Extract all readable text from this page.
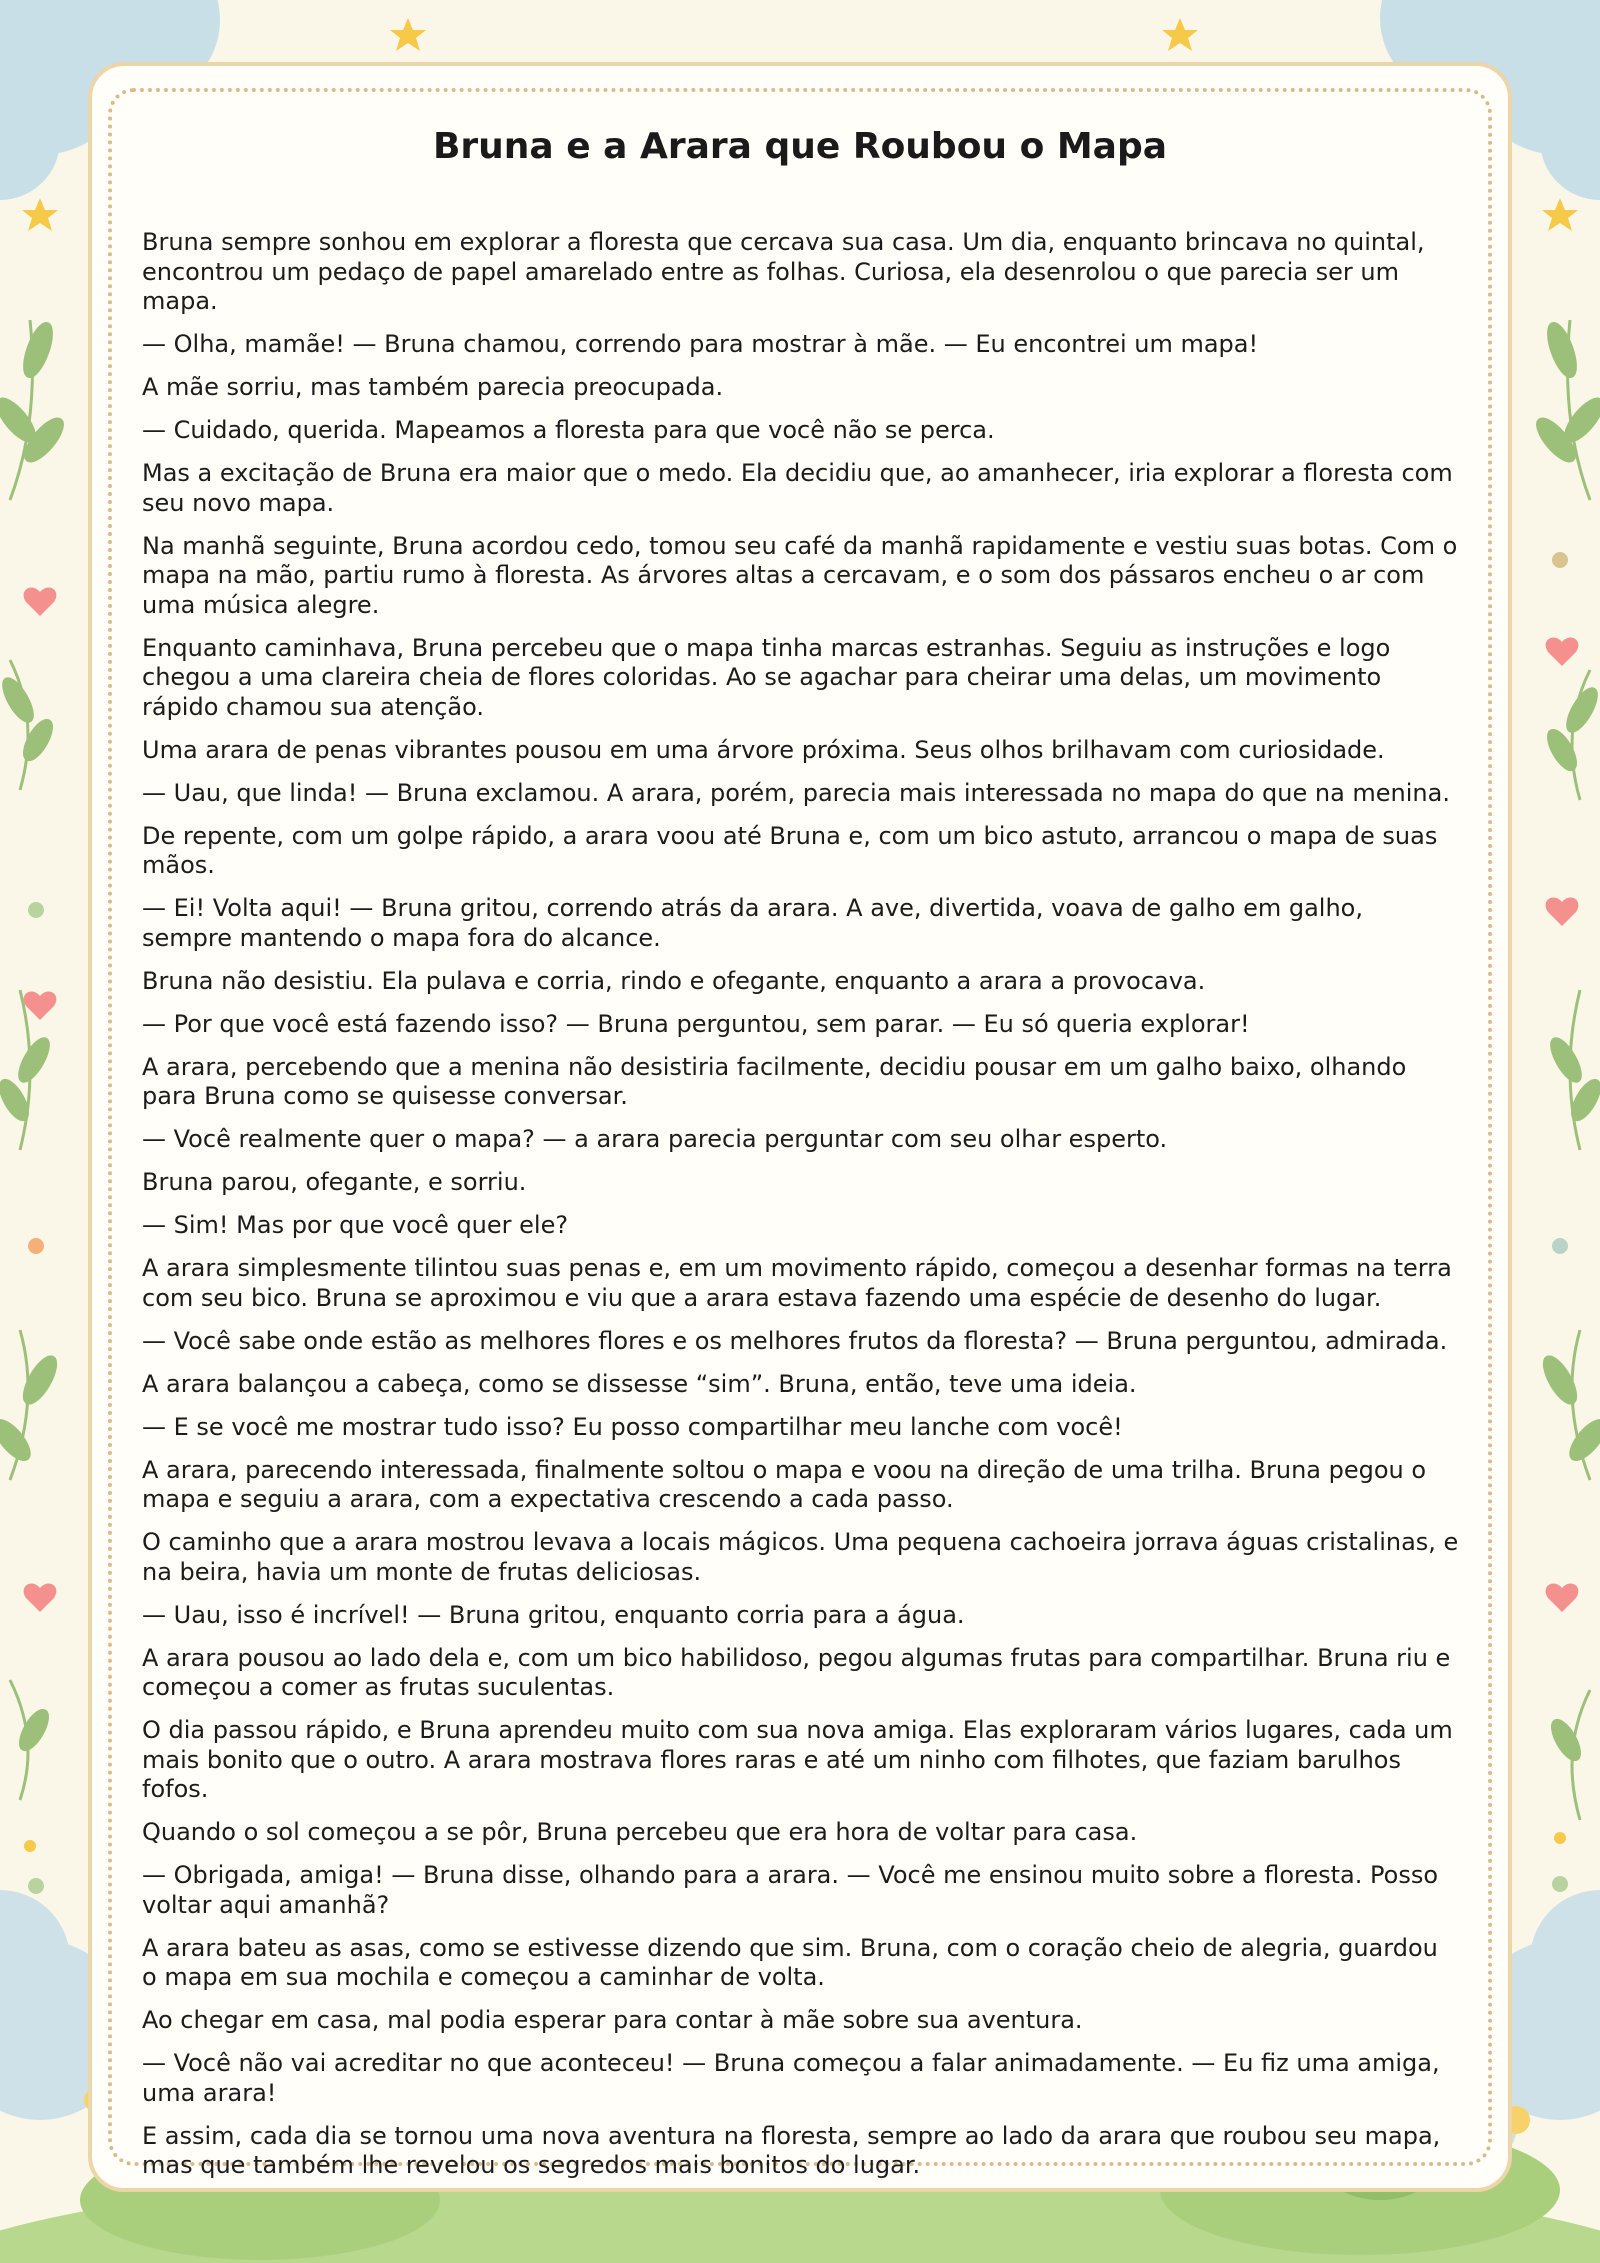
Bruna e a Arara que Roubou o Mapa

Bruna sempre sonhou em explorar a floresta que cercava sua casa. Um dia, enquanto brincava no quintal, encontrou um pedaço de papel amarelado entre as folhas. Curiosa, ela desenrolou o que parecia ser um mapa.

— Olha, mamãe! — Bruna chamou, correndo para mostrar à mãe. — Eu encontrei um mapa!

A mãe sorriu, mas também parecia preocupada.

— Cuidado, querida. Mapeamos a floresta para que você não se perca.

Mas a excitação de Bruna era maior que o medo. Ela decidiu que, ao amanhecer, iria explorar a floresta com seu novo mapa.

Na manhã seguinte, Bruna acordou cedo, tomou seu café da manhã rapidamente e vestiu suas botas. Com o mapa na mão, partiu rumo à floresta. As árvores altas a cercavam, e o som dos pássaros encheu o ar com uma música alegre.

Enquanto caminhava, Bruna percebeu que o mapa tinha marcas estranhas. Seguiu as instruções e logo chegou a uma clareira cheia de flores coloridas. Ao se agachar para cheirar uma delas, um movimento rápido chamou sua atenção.

Uma arara de penas vibrantes pousou em uma árvore próxima. Seus olhos brilhavam com curiosidade.

— Uau, que linda! — Bruna exclamou. A arara, porém, parecia mais interessada no mapa do que na menina.

De repente, com um golpe rápido, a arara voou até Bruna e, com um bico astuto, arrancou o mapa de suas mãos.

— Ei! Volta aqui! — Bruna gritou, correndo atrás da arara. A ave, divertida, voava de galho em galho, sempre mantendo o mapa fora do alcance.

Bruna não desistiu. Ela pulava e corria, rindo e ofegante, enquanto a arara a provocava.

— Por que você está fazendo isso? — Bruna perguntou, sem parar. — Eu só queria explorar!

A arara, percebendo que a menina não desistiria facilmente, decidiu pousar em um galho baixo, olhando para Bruna como se quisesse conversar.

— Você realmente quer o mapa? — a arara parecia perguntar com seu olhar esperto.

Bruna parou, ofegante, e sorriu.

— Sim! Mas por que você quer ele?

A arara simplesmente tilintou suas penas e, em um movimento rápido, começou a desenhar formas na terra com seu bico. Bruna se aproximou e viu que a arara estava fazendo uma espécie de desenho do lugar.

— Você sabe onde estão as melhores flores e os melhores frutos da floresta? — Bruna perguntou, admirada.

A arara balançou a cabeça, como se dissesse “sim”. Bruna, então, teve uma ideia.

— E se você me mostrar tudo isso? Eu posso compartilhar meu lanche com você!

A arara, parecendo interessada, finalmente soltou o mapa e voou na direção de uma trilha. Bruna pegou o mapa e seguiu a arara, com a expectativa crescendo a cada passo.

O caminho que a arara mostrou levava a locais mágicos. Uma pequena cachoeira jorrava águas cristalinas, e na beira, havia um monte de frutas deliciosas.

— Uau, isso é incrível! — Bruna gritou, enquanto corria para a água.

A arara pousou ao lado dela e, com um bico habilidoso, pegou algumas frutas para compartilhar. Bruna riu e começou a comer as frutas suculentas.

O dia passou rápido, e Bruna aprendeu muito com sua nova amiga. Elas exploraram vários lugares, cada um mais bonito que o outro. A arara mostrava flores raras e até um ninho com filhotes, que faziam barulhos fofos.

Quando o sol começou a se pôr, Bruna percebeu que era hora de voltar para casa.

— Obrigada, amiga! — Bruna disse, olhando para a arara. — Você me ensinou muito sobre a floresta. Posso voltar aqui amanhã?

A arara bateu as asas, como se estivesse dizendo que sim. Bruna, com o coração cheio de alegria, guardou o mapa em sua mochila e começou a caminhar de volta.

Ao chegar em casa, mal podia esperar para contar à mãe sobre sua aventura.

— Você não vai acreditar no que aconteceu! — Bruna começou a falar animadamente. — Eu fiz uma amiga, uma arara!

E assim, cada dia se tornou uma nova aventura na floresta, sempre ao lado da arara que roubou seu mapa, mas que também lhe revelou os segredos mais bonitos do lugar.
